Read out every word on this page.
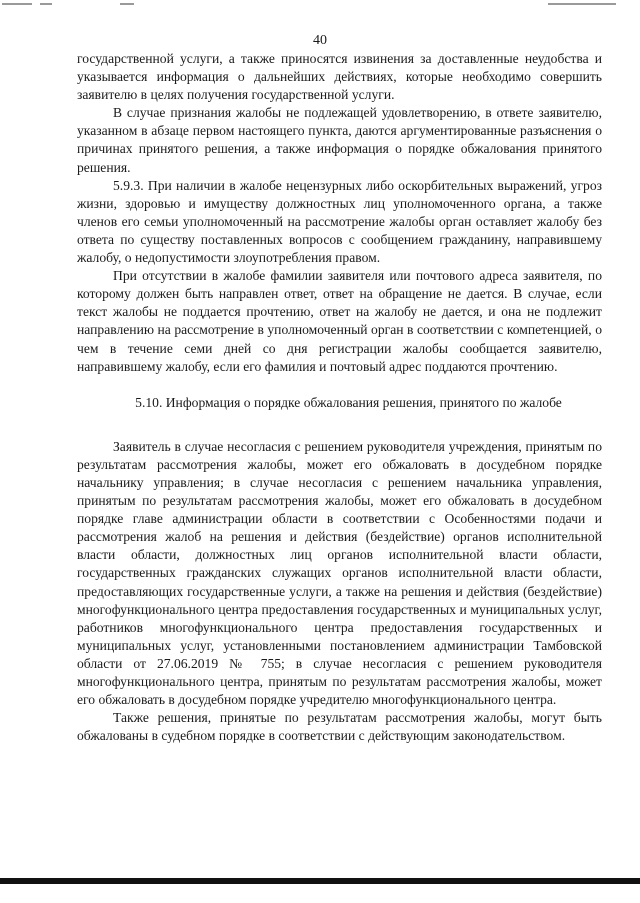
40

государственной услуги, а также приносятся извинения за доставленные неудобства и указывается информация о дальнейших действиях, которые необходимо совершить заявителю в целях получения государственной услуги.

В случае признания жалобы не подлежащей удовлетворению, в ответе заявителю, указанном в абзаце первом настоящего пункта, даются аргументированные разъяснения о причинах принятого решения, а также информация о порядке обжалования принятого решения.

5.9.3. При наличии в жалобе нецензурных либо оскорбительных выражений, угроз жизни, здоровью и имуществу должностных лиц уполномоченного органа, а также членов его семьи уполномоченный на рассмотрение жалобы орган оставляет жалобу без ответа по существу поставленных вопросов с сообщением гражданину, направившему жалобу, о недопустимости злоупотребления правом.

При отсутствии в жалобе фамилии заявителя или почтового адреса заявителя, по которому должен быть направлен ответ, ответ на обращение не дается. В случае, если текст жалобы не поддается прочтению, ответ на жалобу не дается, и она не подлежит направлению на рассмотрение в уполномоченный орган в соответствии с компетенцией, о чем в течение семи дней со дня регистрации жалобы сообщается заявителю, направившему жалобу, если его фамилия и почтовый адрес поддаются прочтению.

5.10. Информация о порядке обжалования решения, принятого по жалобе

Заявитель в случае несогласия с решением руководителя учреждения, принятым по результатам рассмотрения жалобы, может его обжаловать в досудебном порядке начальнику управления; в случае несогласия с решением начальника управления, принятым по результатам рассмотрения жалобы, может его обжаловать в досудебном порядке главе администрации области в соответствии с Особенностями подачи и рассмотрения жалоб на решения и действия (бездействие) органов исполнительной власти области, должностных лиц органов исполнительной власти области, государственных гражданских служащих органов исполнительной власти области, предоставляющих государственные услуги, а также на решения и действия (бездействие) многофункционального центра предоставления государственных и муниципальных услуг, работников многофункционального центра предоставления государственных и муниципальных услуг, установленными постановлением администрации Тамбовской области от 27.06.2019 № 755; в случае несогласия с решением руководителя многофункционального центра, принятым по результатам рассмотрения жалобы, может его обжаловать в досудебном порядке учредителю многофункционального центра.

Также решения, принятые по результатам рассмотрения жалобы, могут быть обжалованы в судебном порядке в соответствии с действующим законодательством.
